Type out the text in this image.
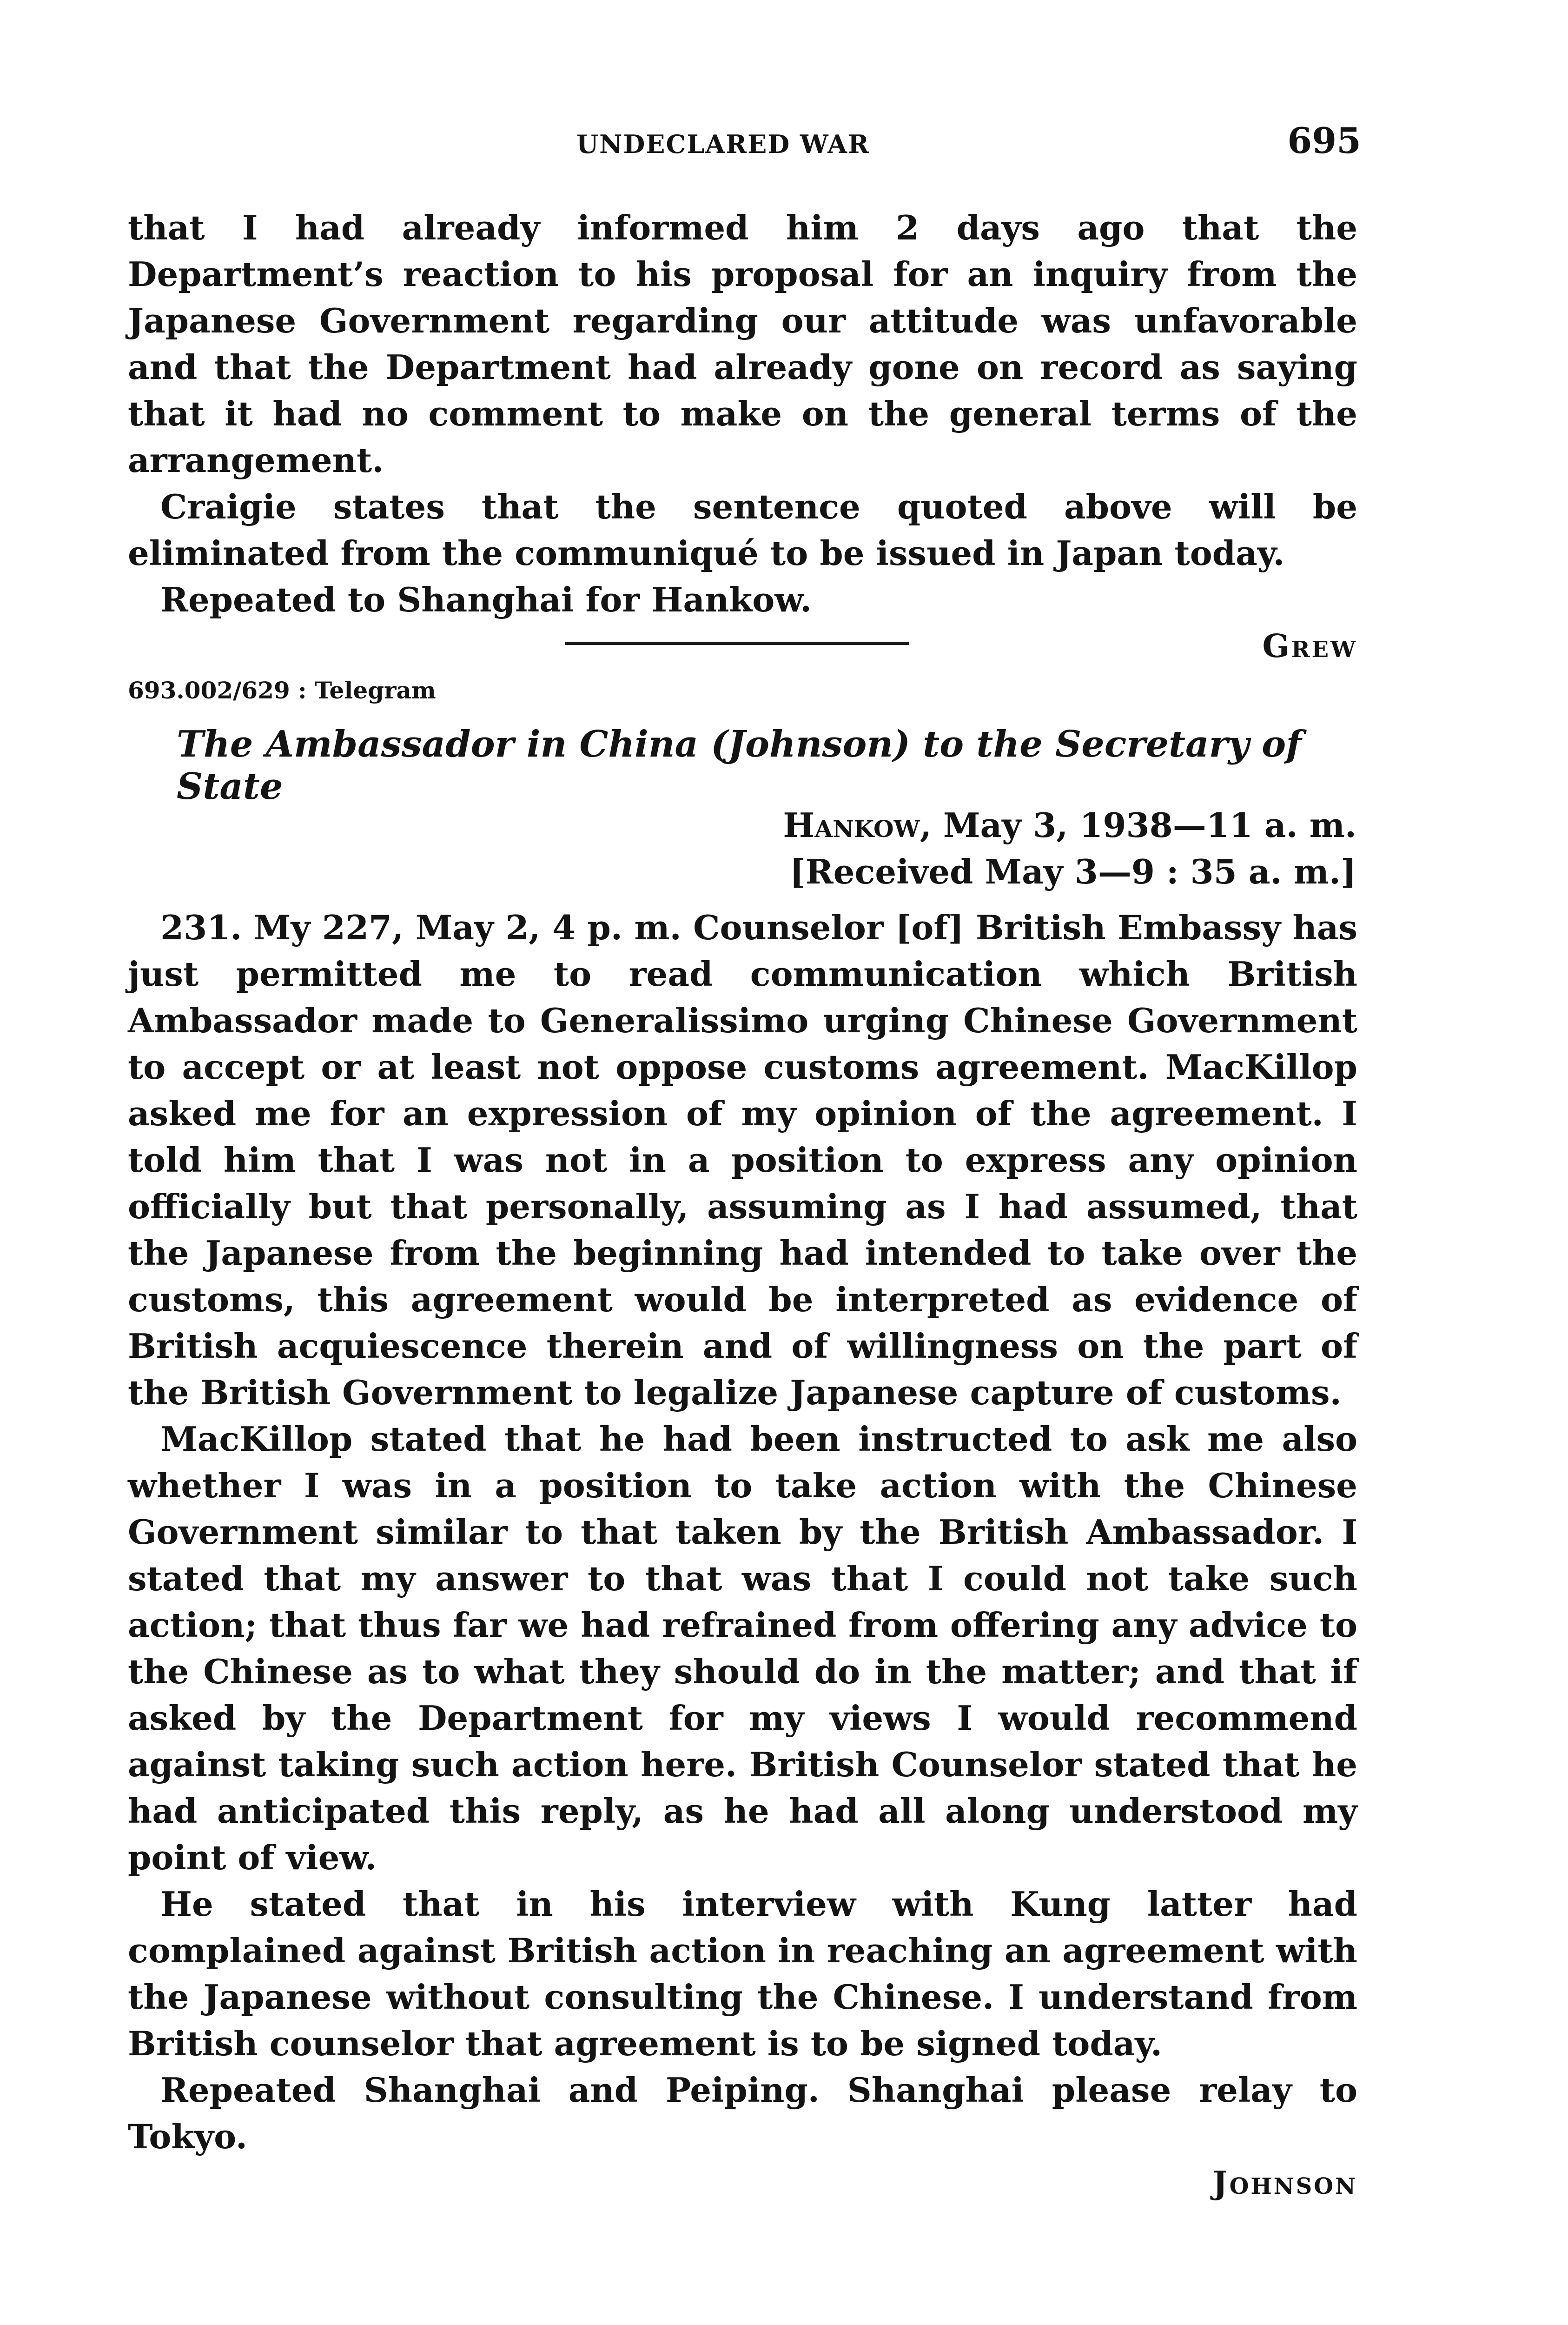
UNDECLARED WAR	695

that I had already informed him 2 days ago that the Department’s reaction to his proposal for an inquiry from the Japanese Government regarding our attitude was unfavorable and that the Department had already gone on record as saying that it had no comment to make on the general terms of the arrangement.

Craigie states that the sentence quoted above will be eliminated from the communiqué to be issued in Japan today.

Repeated to Shanghai for Hankow.

Grew
693.002/629 : Telegram
The Ambassador in China (Johnson) to the Secretary of State
Hankow, May 3, 1938—11 a. m.
[Received May 3—9 : 35 a. m.]

231. My 227, May 2, 4 p. m. Counselor [of] British Embassy has just permitted me to read communication which British Ambassador made to Generalissimo urging Chinese Government to accept or at least not oppose customs agreement. MacKillop asked me for an expression of my opinion of the agreement. I told him that I was not in a position to express any opinion officially but that personally, assuming as I had assumed, that the Japanese from the beginning had intended to take over the customs, this agreement would be interpreted as evidence of British acquiescence therein and of willingness on the part of the British Government to legalize Japanese capture of customs.

MacKillop stated that he had been instructed to ask me also whether I was in a position to take action with the Chinese Government similar to that taken by the British Ambassador. I stated that my answer to that was that I could not take such action; that thus far we had refrained from offering any advice to the Chinese as to what they should do in the matter; and that if asked by the Department for my views I would recommend against taking such action here. British Counselor stated that he had anticipated this reply, as he had all along understood my point of view.

He stated that in his interview with Kung latter had complained against British action in reaching an agreement with the Japanese without consulting the Chinese. I understand from British counselor that agreement is to be signed today.

Repeated Shanghai and Peiping. Shanghai please relay to Tokyo.

Johnson
